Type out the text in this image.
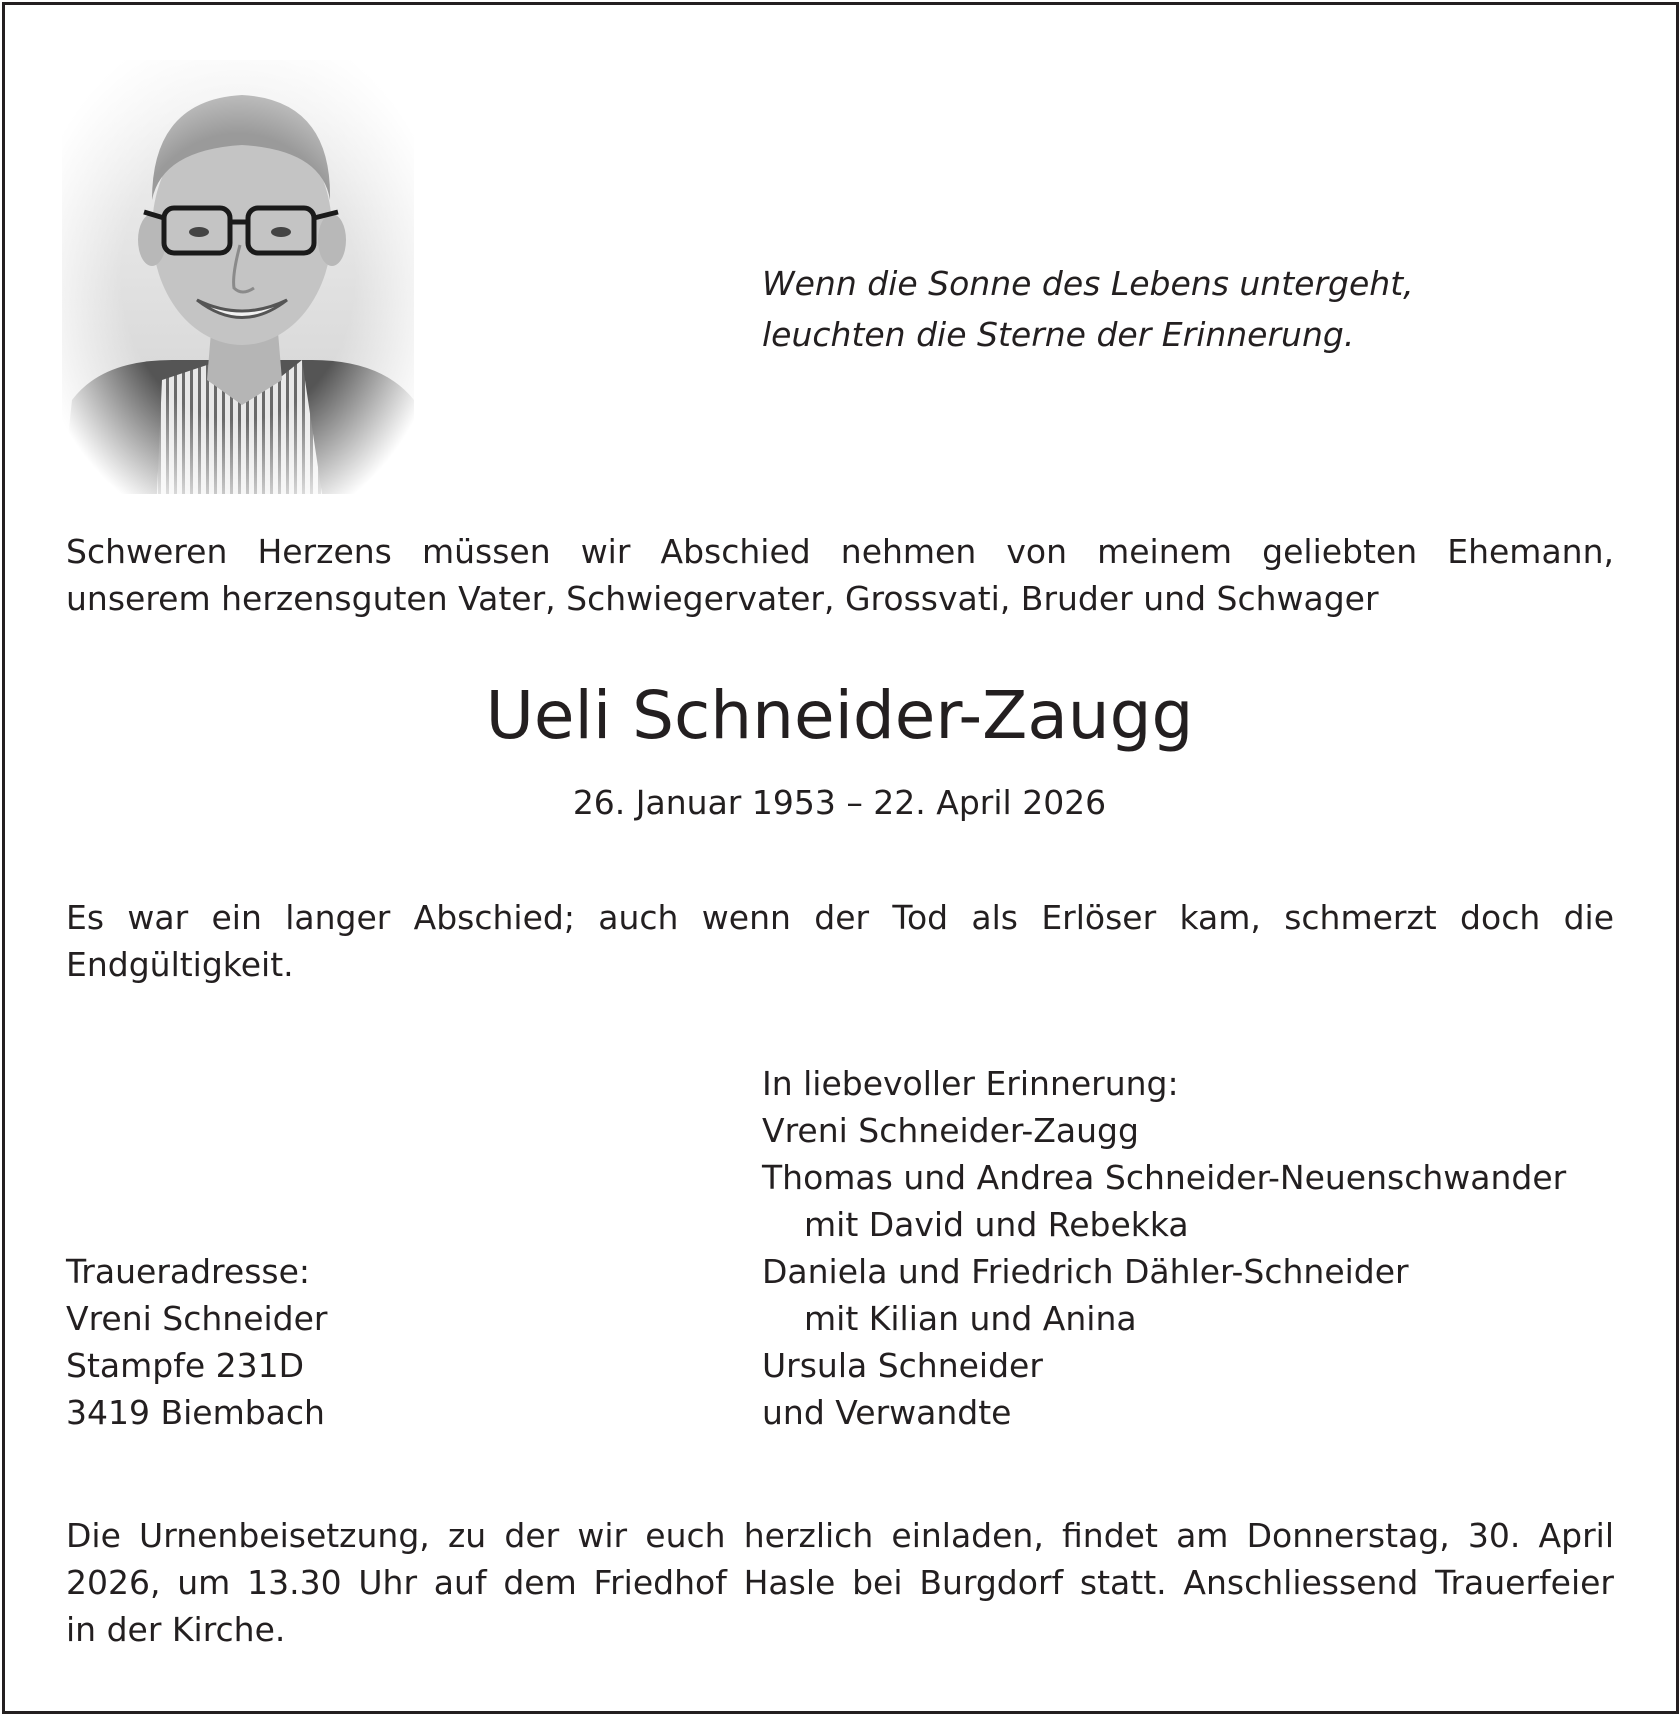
Wenn die Sonne des Lebens untergeht,
leuchten die Sterne der Erinnerung.

Schweren Herzens müssen wir Abschied nehmen von meinem geliebten Ehemann,
unserem herzensguten Vater, Schwiegervater, Grossvati, Bruder und Schwager

Ueli Schneider-Zaugg

26. Januar 1953 – 22. April 2026

Es war ein langer Abschied; auch wenn der Tod als Erlöser kam, schmerzt doch die
Endgültigkeit.

In liebevoller Erinnerung:
Vreni Schneider-Zaugg
Thomas und Andrea Schneider-Neuenschwander
mit David und Rebekka
Daniela und Friedrich Dähler-Schneider
mit Kilian und Anina
Ursula Schneider
und Verwandte
Traueradresse:
Vreni Schneider
Stampfe 231D
3419 Biembach

Die Urnenbeisetzung, zu der wir euch herzlich einladen, findet am Donnerstag, 30. April
2026, um 13.30 Uhr auf dem Friedhof Hasle bei Burgdorf statt. Anschliessend Trauerfeier
in der Kirche.
